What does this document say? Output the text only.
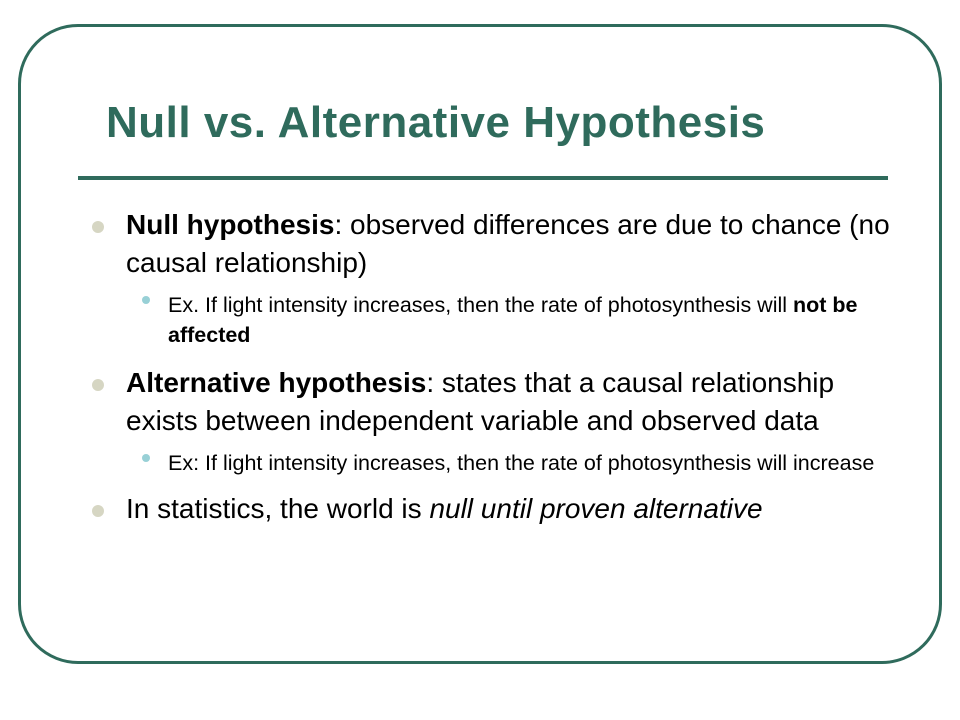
Null vs. Alternative Hypothesis
Null hypothesis: observed differences are due to chance (no causal relationship)
Ex. If light intensity increases, then the rate of photosynthesis will not be affected
Alternative hypothesis: states that a causal relationship exists between independent variable and observed data
Ex: If light intensity increases, then the rate of photosynthesis will increase
In statistics, the world is null until proven alternative
